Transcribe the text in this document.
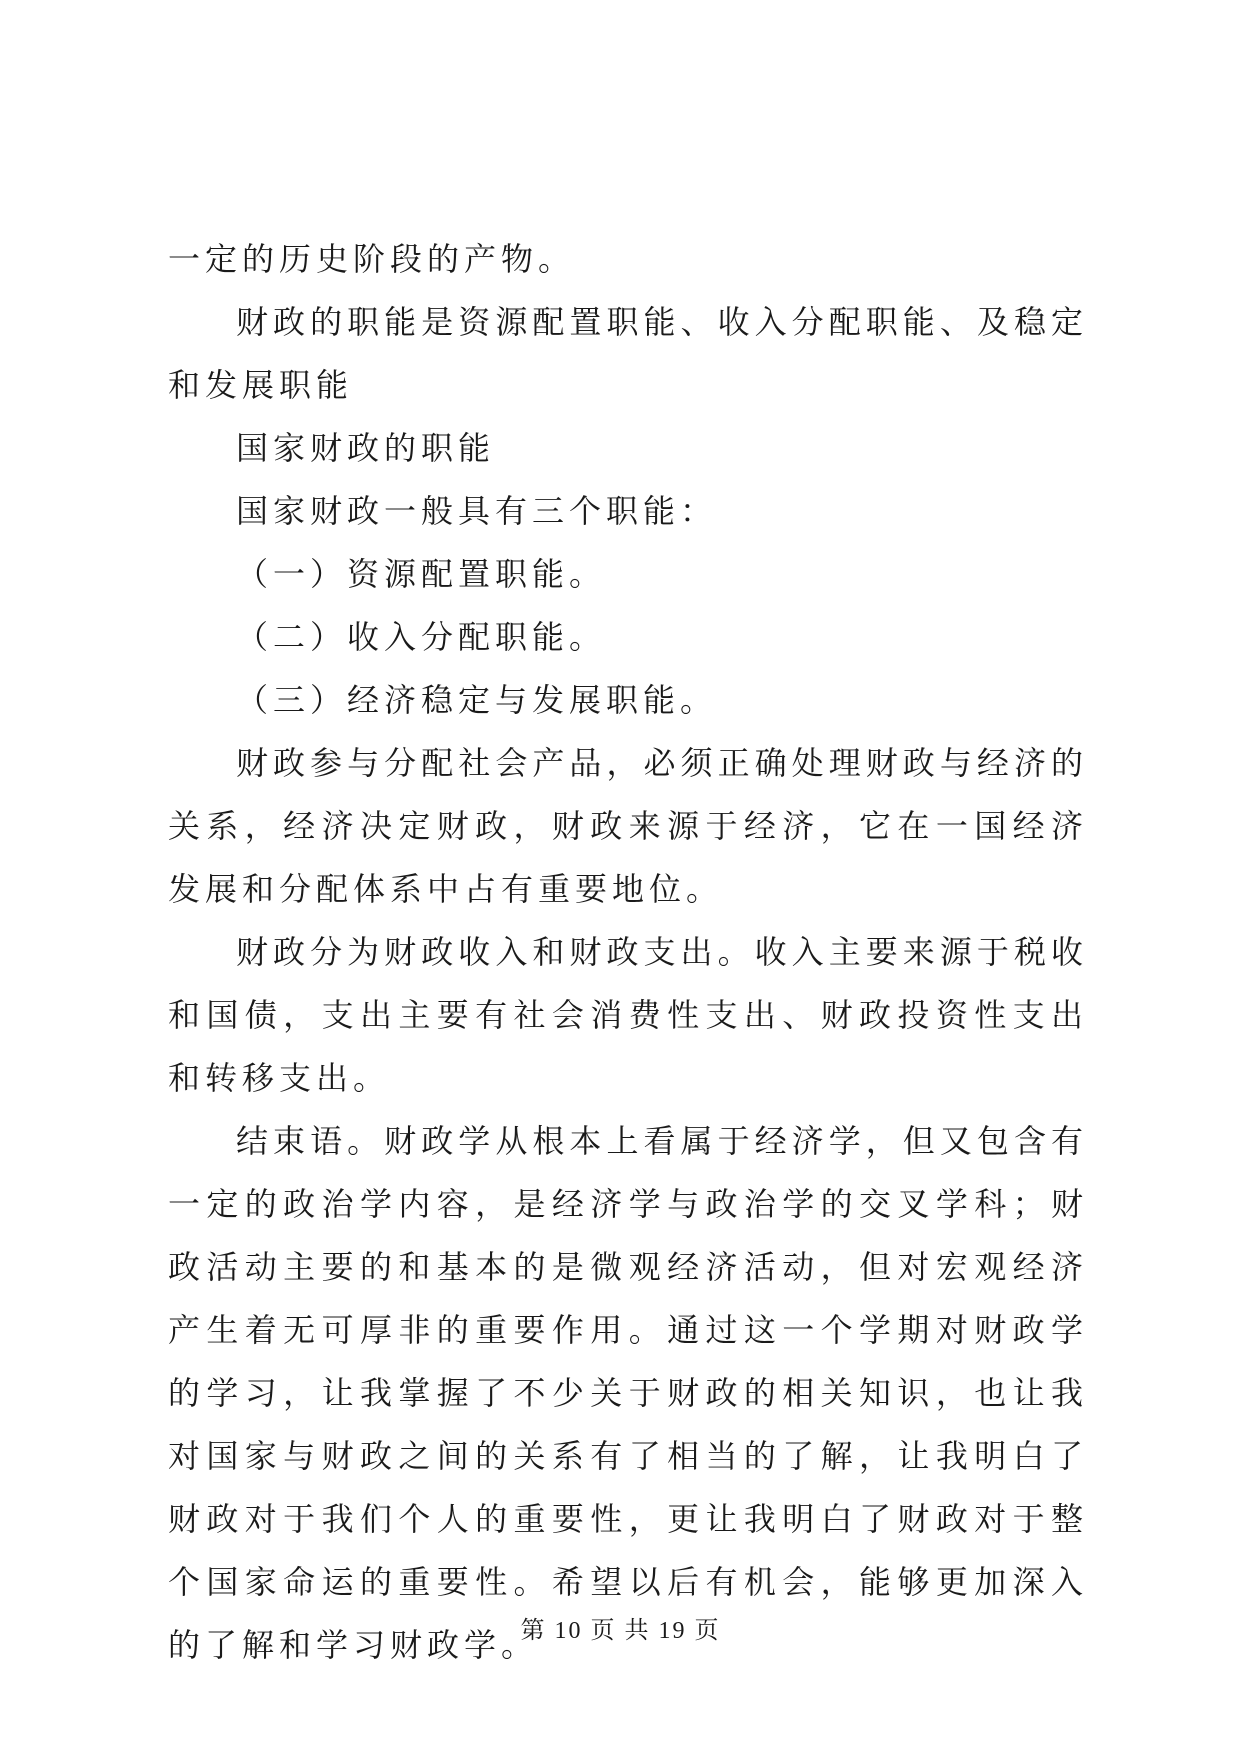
一定的历史阶段的产物。

财政的职能是资源配置职能、收入分配职能、及稳定和发展职能

国家财政的职能

国家财政一般具有三个职能：

（一）资源配置职能。

（二）收入分配职能。

（三）经济稳定与发展职能。

财政参与分配社会产品，必须正确处理财政与经济的关系，经济决定财政，财政来源于经济，它在一国经济发展和分配体系中占有重要地位。

财政分为财政收入和财政支出。收入主要来源于税收和国债，支出主要有社会消费性支出、财政投资性支出和转移支出。

结束语。财政学从根本上看属于经济学，但又包含有一定的政治学内容，是经济学与政治学的交叉学科；财政活动主要的和基本的是微观经济活动，但对宏观经济产生着无可厚非的重要作用。通过这一个学期对财政学的学习，让我掌握了不少关于财政的相关知识，也让我对国家与财政之间的关系有了相当的了解，让我明白了财政对于我们个人的重要性，更让我明白了财政对于整个国家命运的重要性。希望以后有机会，能够更加深入的了解和学习财政学。

第 10 页 共 19 页
